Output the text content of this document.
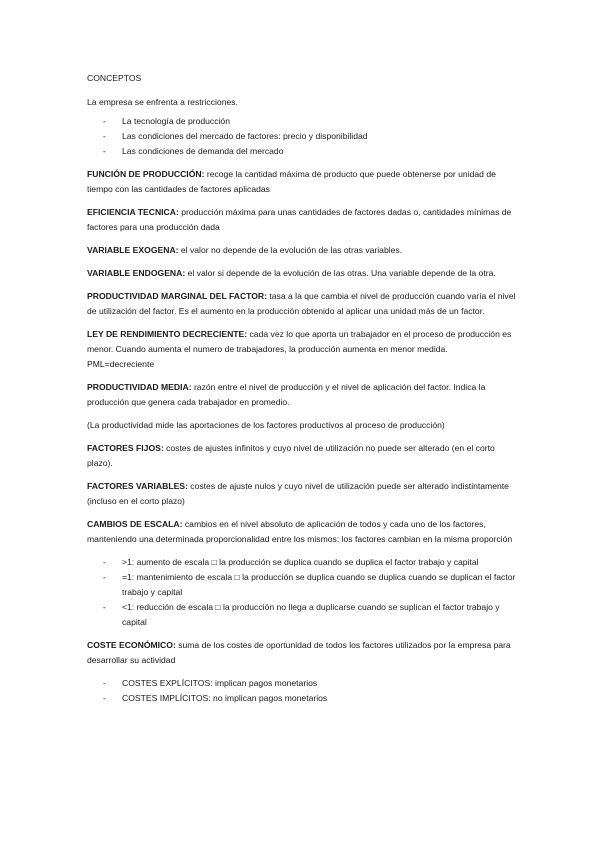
CONCEPTOS

La empresa se enfrenta a restricciones.

- La tecnología de producción
- Las condiciones del mercado de factores: precio y disponibilidad
- Las condiciones de demanda del mercado

FUNCIÓN DE PRODUCCIÓN: recoge la cantidad máxima de producto que puede obtenerse por unidad de tiempo con las cantidades de factores aplicadas

EFICIENCIA TECNICA: producción máxima para unas cantidades de factores dadas o, cantidades mínimas de factores para una producción dada

VARIABLE EXOGENA: el valor no depende de la evolución de las otras variables.

VARIABLE ENDOGENA: el valor si depende de la evolución de las otras. Una variable depende de la otra.

PRODUCTIVIDAD MARGINAL DEL FACTOR: tasa a la que cambia el nivel de producción cuando varía el nivel de utilización del factor. Es el aumento en la producción obtenido al aplicar una unidad más de un factor.

LEY DE RENDIMIENTO DECRECIENTE: cada vez lo que aporta un trabajador en el proceso de producción es menor. Cuando aumenta el numero de trabajadores, la producción aumenta en menor medida. PML=decreciente

PRODUCTIVIDAD MEDIA: razón entre el nivel de producción y el nivel de aplicación del factor. Indica la producción que genera cada trabajador en promedio.

(La productividad mide las aportaciones de los factores productivos al proceso de producción)

FACTORES FIJOS: costes de ajustes infinitos y cuyo nivel de utilización no puede ser alterado (en el corto plazo).

FACTORES VARIABLES: costes de ajuste nulos y cuyo nivel de utilización puede ser alterado indistintamente (incluso en el corto plazo)

CAMBIOS DE ESCALA: cambios en el nivel absoluto de aplicación de todos y cada uno de los factores, manteniendo una determinada proporcionalidad entre los mismos: los factores cambian en la misma proporción

- >1: aumento de escala □ la producción se duplica cuando se duplica el factor trabajo y capital
- =1: mantenimiento de escala □ la producción se duplica cuando se duplica cuando se duplican el factor trabajo y capital
- <1: reducción de escala □ la producción no llega a duplicarse cuando se suplican el factor trabajo y capital

COSTE ECONÓMICO: suma de los costes de oportunidad de todos los factores utilizados por la empresa para desarrollar su actividad

- COSTES EXPLÍCITOS: implican pagos monetarios
- COSTES IMPLÍCITOS: no implican pagos monetarios
